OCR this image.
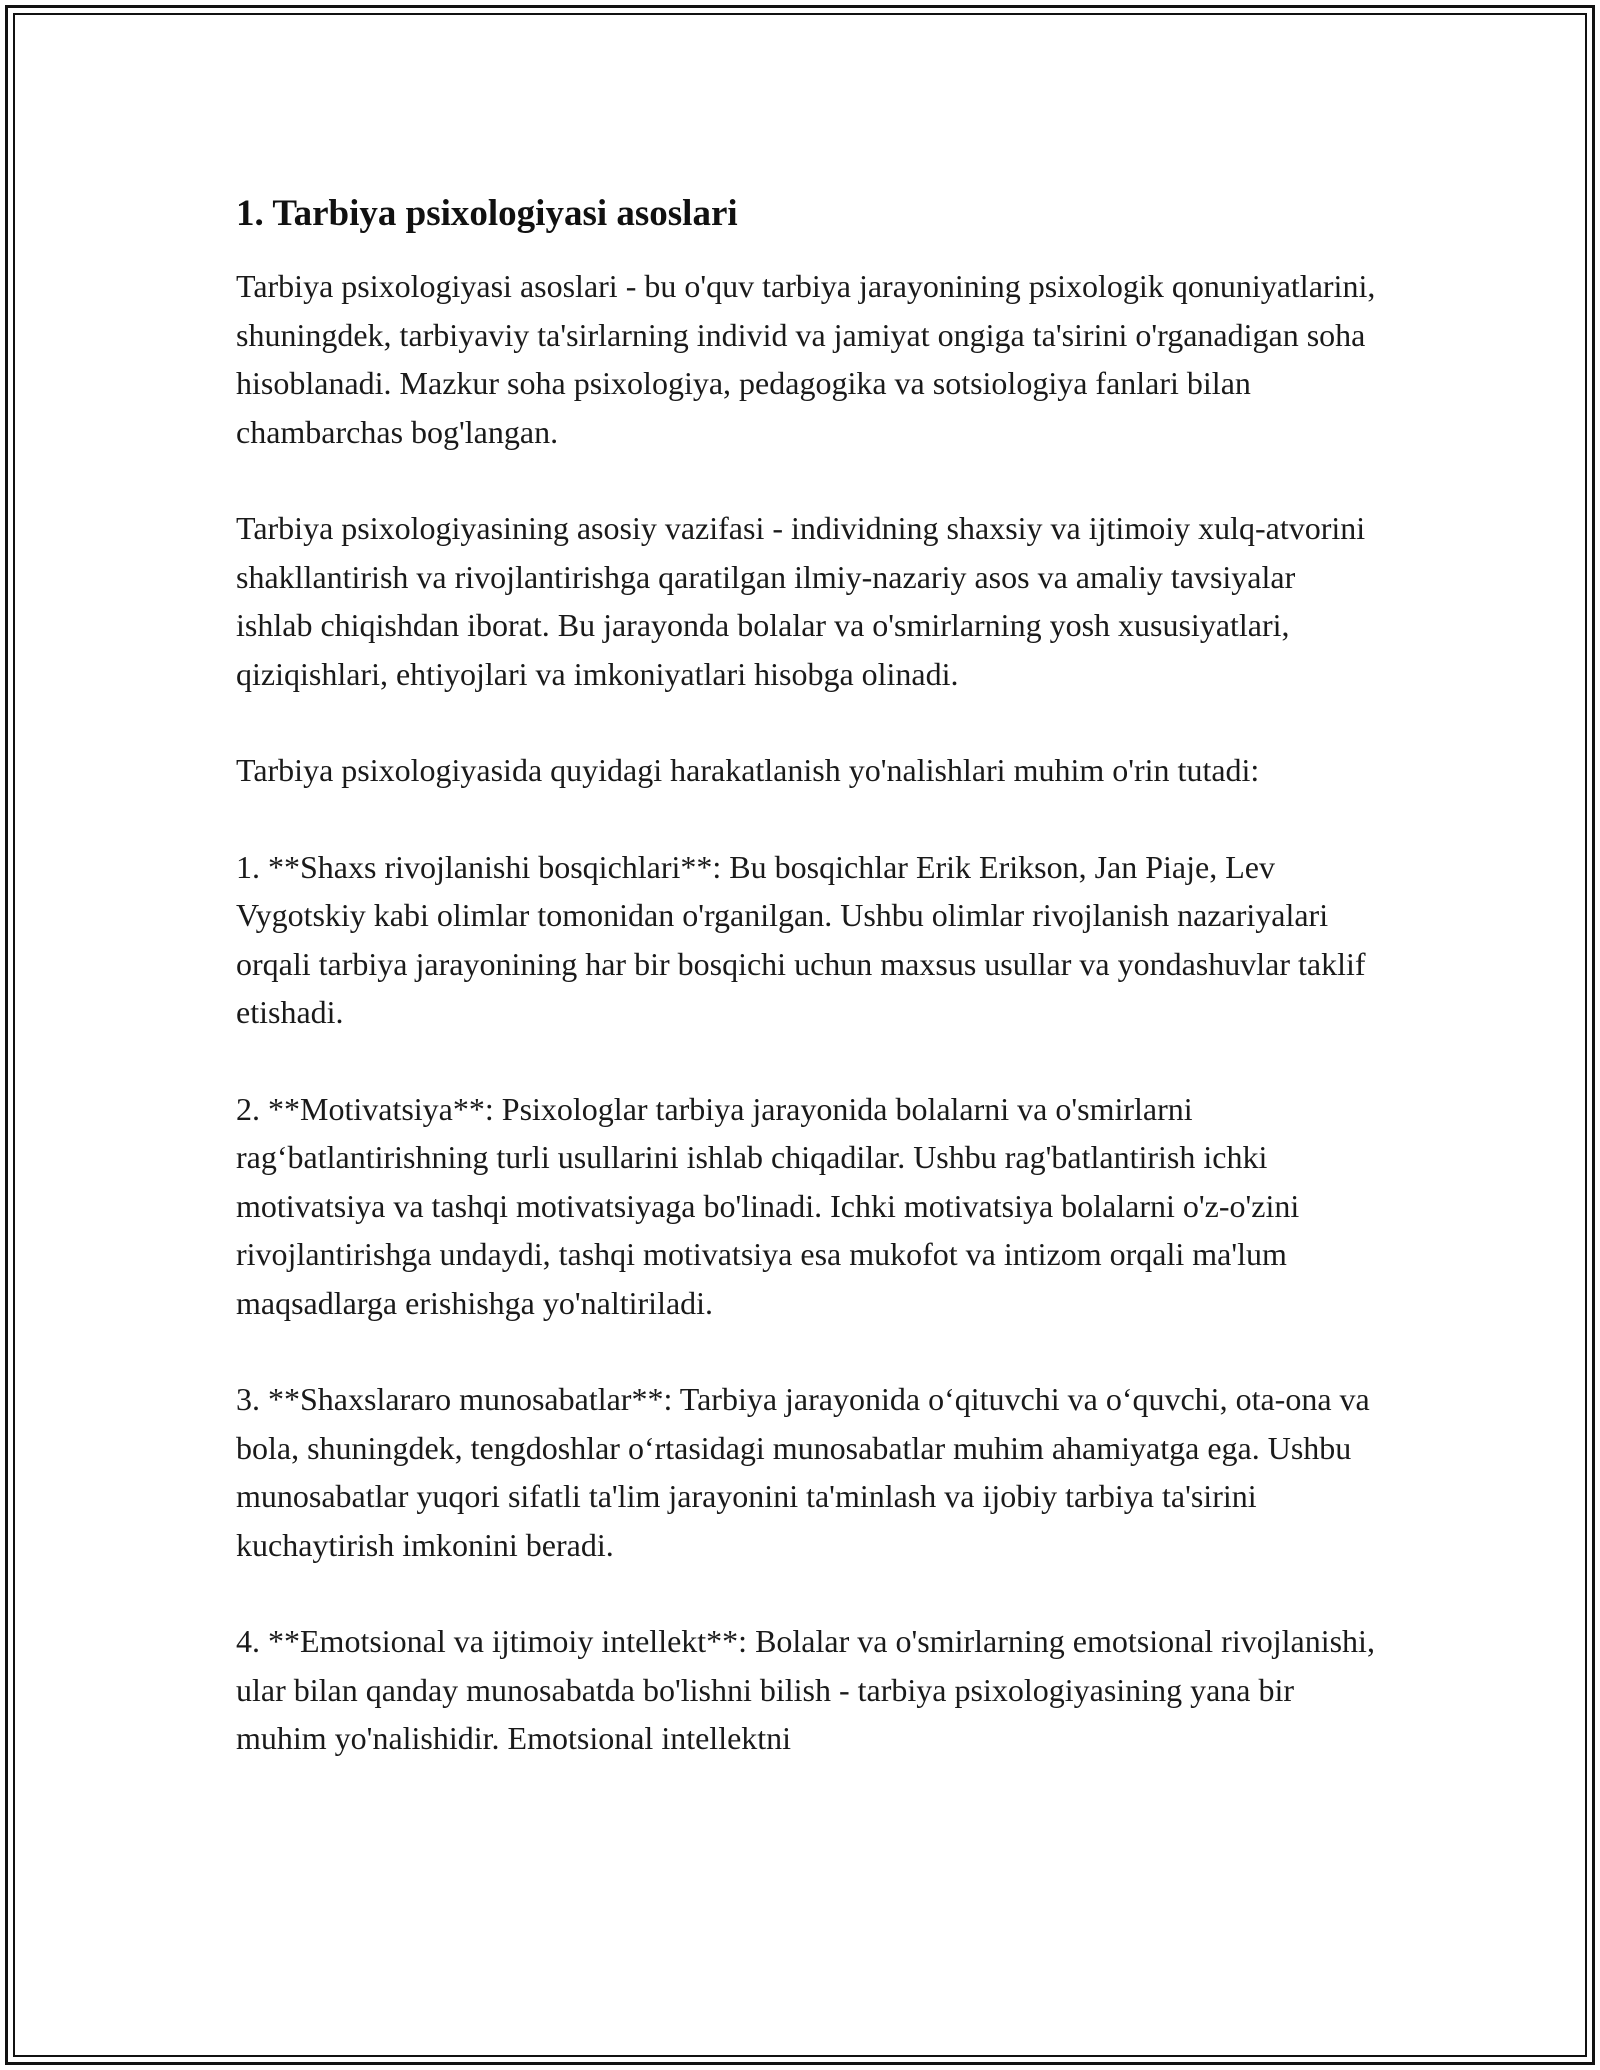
1. Tarbiya psixologiyasi asoslari

Tarbiya psixologiyasi asoslari - bu o'quv tarbiya jarayonining psixologik qonuniyatlarini, shuningdek, tarbiyaviy ta'sirlarning individ va jamiyat ongiga ta'sirini o'rganadigan soha hisoblanadi. Mazkur soha psixologiya, pedagogika va sotsiologiya fanlari bilan chambarchas bog'langan.

Tarbiya psixologiyasining asosiy vazifasi - individning shaxsiy va ijtimoiy xulq-atvorini shakllantirish va rivojlantirishga qaratilgan ilmiy-nazariy asos va amaliy tavsiyalar ishlab chiqishdan iborat. Bu jarayonda bolalar va o'smirlarning yosh xususiyatlari, qiziqishlari, ehtiyojlari va imkoniyatlari hisobga olinadi.

Tarbiya psixologiyasida quyidagi harakatlanish yo'nalishlari muhim o'rin tutadi:

1. **Shaxs rivojlanishi bosqichlari**: Bu bosqichlar Erik Erikson, Jan Piaje, Lev Vygotskiy kabi olimlar tomonidan o'rganilgan. Ushbu olimlar rivojlanish nazariyalari orqali tarbiya jarayonining har bir bosqichi uchun maxsus usullar va yondashuvlar taklif etishadi.

2. **Motivatsiya**: Psixologlar tarbiya jarayonida bolalarni va o'smirlarni rag‘batlantirishning turli usullarini ishlab chiqadilar. Ushbu rag'batlantirish ichki motivatsiya va tashqi motivatsiyaga bo'linadi. Ichki motivatsiya bolalarni o'z-o'zini rivojlantirishga undaydi, tashqi motivatsiya esa mukofot va intizom orqali ma'lum maqsadlarga erishishga yo'naltiriladi.

3. **Shaxslararo munosabatlar**: Tarbiya jarayonida o‘qituvchi va o‘quvchi, ota-ona va bola, shuningdek, tengdoshlar o‘rtasidagi munosabatlar muhim ahamiyatga ega. Ushbu munosabatlar yuqori sifatli ta'lim jarayonini ta'minlash va ijobiy tarbiya ta'sirini kuchaytirish imkonini beradi.

4. **Emotsional va ijtimoiy intellekt**: Bolalar va o'smirlarning emotsional rivojlanishi, ular bilan qanday munosabatda bo'lishni bilish - tarbiya psixologiyasining yana bir muhim yo'nalishidir. Emotsional intellektni
